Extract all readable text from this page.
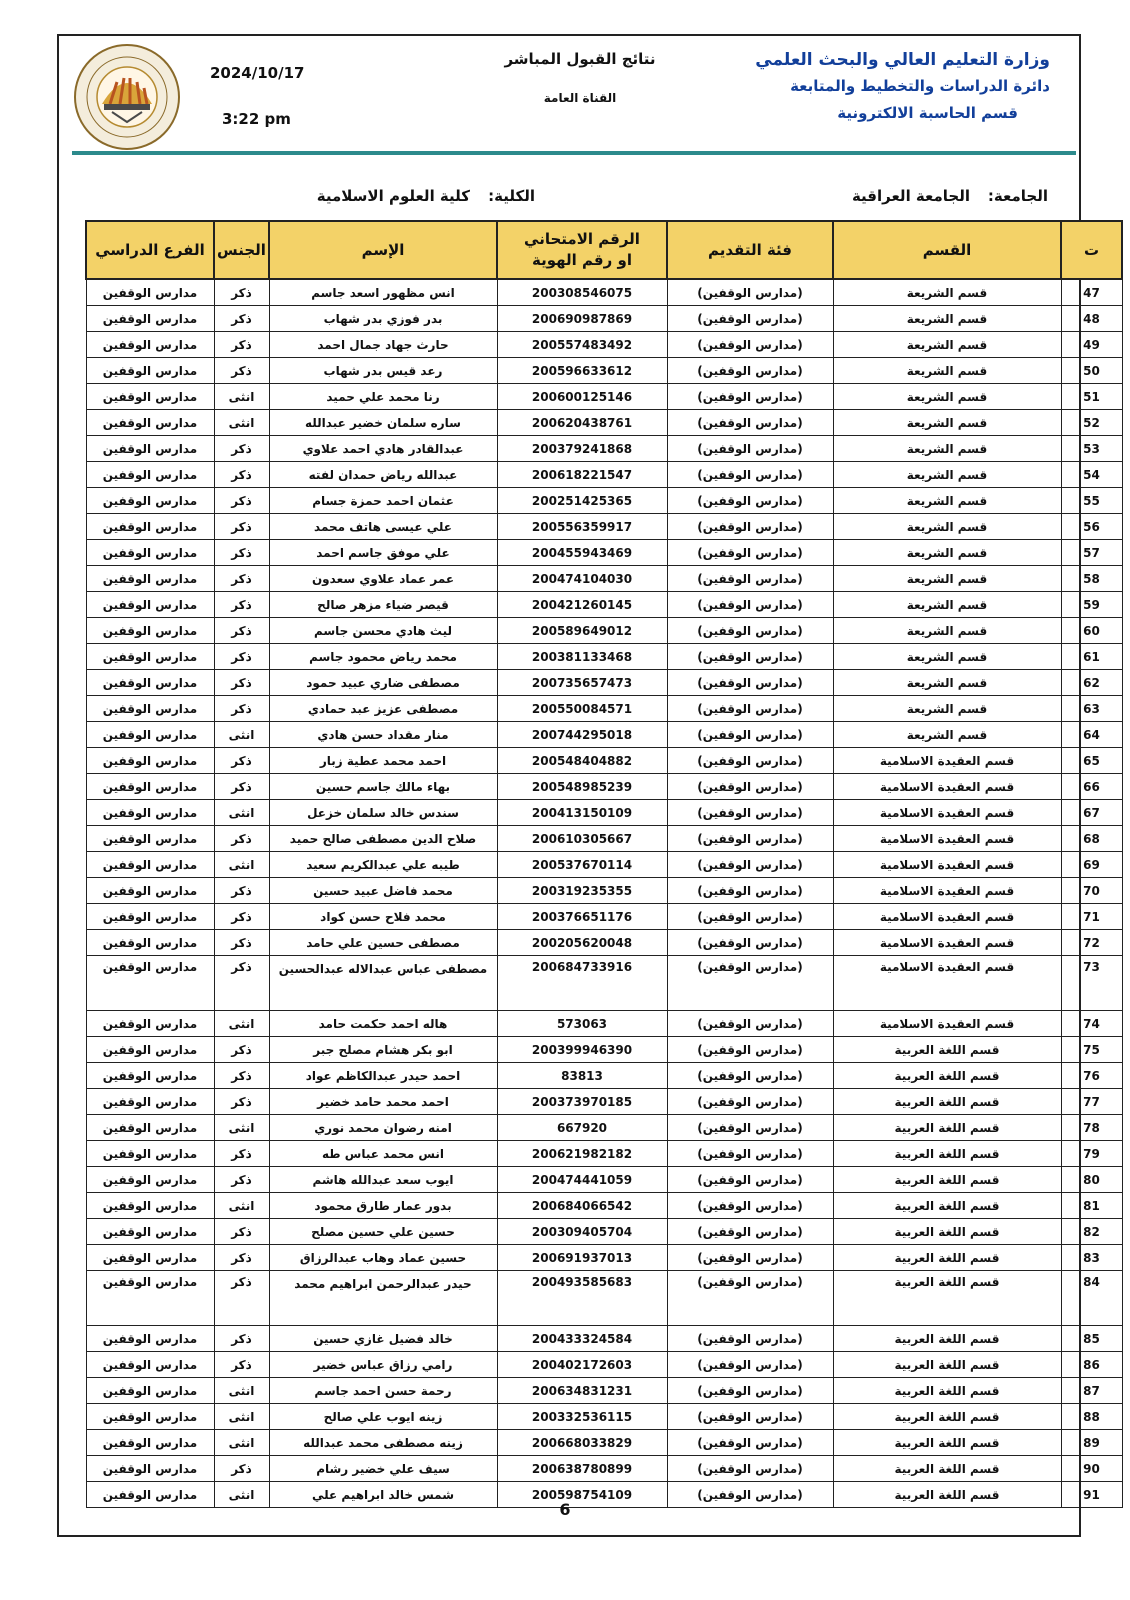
وزارة التعليم العالي والبحث العلمي
دائرة الدراسات والتخطيط والمتابعة
قسم الحاسبة الالكترونية
نتائج القبول المباشر
القناة العامة
2024/10/17
3:22 pm
الجامعة:
الجامعة العراقية
الكلية:
كلية العلوم الاسلامية
ت	القسم	فئة التقديم	الرقم الامتحاني
او رقم الهوية	الإسم	الجنس	الفرع الدراسي
47	قسم الشريعة	(مدارس الوقفين)	200308546075	انس مظهور اسعد جاسم	ذكر	مدارس الوقفين
48	قسم الشريعة	(مدارس الوقفين)	200690987869	بدر فوزي بدر شهاب	ذكر	مدارس الوقفين
49	قسم الشريعة	(مدارس الوقفين)	200557483492	حارث جهاد جمال احمد	ذكر	مدارس الوقفين
50	قسم الشريعة	(مدارس الوقفين)	200596633612	رعد قيس بدر شهاب	ذكر	مدارس الوقفين
51	قسم الشريعة	(مدارس الوقفين)	200600125146	رنا محمد علي حميد	انثى	مدارس الوقفين
52	قسم الشريعة	(مدارس الوقفين)	200620438761	ساره سلمان خضير عبدالله	انثى	مدارس الوقفين
53	قسم الشريعة	(مدارس الوقفين)	200379241868	عبدالقادر هادي احمد علاوي	ذكر	مدارس الوقفين
54	قسم الشريعة	(مدارس الوقفين)	200618221547	عبدالله رياض حمدان لفته	ذكر	مدارس الوقفين
55	قسم الشريعة	(مدارس الوقفين)	200251425365	عثمان احمد حمزة جسام	ذكر	مدارس الوقفين
56	قسم الشريعة	(مدارس الوقفين)	200556359917	علي عيسى هاتف محمد	ذكر	مدارس الوقفين
57	قسم الشريعة	(مدارس الوقفين)	200455943469	علي موفق جاسم احمد	ذكر	مدارس الوقفين
58	قسم الشريعة	(مدارس الوقفين)	200474104030	عمر عماد علاوي سعدون	ذكر	مدارس الوقفين
59	قسم الشريعة	(مدارس الوقفين)	200421260145	قيصر ضياء مزهر صالح	ذكر	مدارس الوقفين
60	قسم الشريعة	(مدارس الوقفين)	200589649012	ليث هادي محسن جاسم	ذكر	مدارس الوقفين
61	قسم الشريعة	(مدارس الوقفين)	200381133468	محمد رياض محمود جاسم	ذكر	مدارس الوقفين
62	قسم الشريعة	(مدارس الوقفين)	200735657473	مصطفى ضاري عبيد حمود	ذكر	مدارس الوقفين
63	قسم الشريعة	(مدارس الوقفين)	200550084571	مصطفى عزيز عبد حمادي	ذكر	مدارس الوقفين
64	قسم الشريعة	(مدارس الوقفين)	200744295018	منار مقداد حسن هادي	انثى	مدارس الوقفين
65	قسم العقيدة الاسلامية	(مدارس الوقفين)	200548404882	احمد محمد عطية زبار	ذكر	مدارس الوقفين
66	قسم العقيدة الاسلامية	(مدارس الوقفين)	200548985239	بهاء مالك جاسم حسين	ذكر	مدارس الوقفين
67	قسم العقيدة الاسلامية	(مدارس الوقفين)	200413150109	سندس خالد سلمان خزعل	انثى	مدارس الوقفين
68	قسم العقيدة الاسلامية	(مدارس الوقفين)	200610305667	صلاح الدين مصطفى صالح حميد	ذكر	مدارس الوقفين
69	قسم العقيدة الاسلامية	(مدارس الوقفين)	200537670114	طيبه علي عبدالكريم سعيد	انثى	مدارس الوقفين
70	قسم العقيدة الاسلامية	(مدارس الوقفين)	200319235355	محمد فاضل عبيد حسين	ذكر	مدارس الوقفين
71	قسم العقيدة الاسلامية	(مدارس الوقفين)	200376651176	محمد فلاح حسن كواد	ذكر	مدارس الوقفين
72	قسم العقيدة الاسلامية	(مدارس الوقفين)	200205620048	مصطفى حسين علي حامد	ذكر	مدارس الوقفين
73	قسم العقيدة الاسلامية	(مدارس الوقفين)	200684733916	مصطفى عباس عبدالاله عبدالحسين	ذكر	مدارس الوقفين
74	قسم العقيدة الاسلامية	(مدارس الوقفين)	573063	هاله احمد حكمت حامد	انثى	مدارس الوقفين
75	قسم اللغة العربية	(مدارس الوقفين)	200399946390	ابو بكر هشام مصلح جبر	ذكر	مدارس الوقفين
76	قسم اللغة العربية	(مدارس الوقفين)	83813	احمد حيدر عبدالكاظم عواد	ذكر	مدارس الوقفين
77	قسم اللغة العربية	(مدارس الوقفين)	200373970185	احمد محمد حامد خضير	ذكر	مدارس الوقفين
78	قسم اللغة العربية	(مدارس الوقفين)	667920	امنه رضوان محمد نوري	انثى	مدارس الوقفين
79	قسم اللغة العربية	(مدارس الوقفين)	200621982182	انس محمد عباس طه	ذكر	مدارس الوقفين
80	قسم اللغة العربية	(مدارس الوقفين)	200474441059	ايوب سعد عبدالله هاشم	ذكر	مدارس الوقفين
81	قسم اللغة العربية	(مدارس الوقفين)	200684066542	بدور عمار طارق محمود	انثى	مدارس الوقفين
82	قسم اللغة العربية	(مدارس الوقفين)	200309405704	حسين علي حسين مصلح	ذكر	مدارس الوقفين
83	قسم اللغة العربية	(مدارس الوقفين)	200691937013	حسين عماد وهاب عبدالرزاق	ذكر	مدارس الوقفين
84	قسم اللغة العربية	(مدارس الوقفين)	200493585683	حيدر عبدالرحمن ابراهيم محمد	ذكر	مدارس الوقفين
85	قسم اللغة العربية	(مدارس الوقفين)	200433324584	خالد فضيل غازي حسين	ذكر	مدارس الوقفين
86	قسم اللغة العربية	(مدارس الوقفين)	200402172603	رامي رزاق عباس خضير	ذكر	مدارس الوقفين
87	قسم اللغة العربية	(مدارس الوقفين)	200634831231	رحمة حسن احمد جاسم	انثى	مدارس الوقفين
88	قسم اللغة العربية	(مدارس الوقفين)	200332536115	زينه ايوب علي صالح	انثى	مدارس الوقفين
89	قسم اللغة العربية	(مدارس الوقفين)	200668033829	زينه مصطفى محمد عبدالله	انثى	مدارس الوقفين
90	قسم اللغة العربية	(مدارس الوقفين)	200638780899	سيف علي خضير رشام	ذكر	مدارس الوقفين
91	قسم اللغة العربية	(مدارس الوقفين)	200598754109	شمس خالد ابراهيم علي	انثى	مدارس الوقفين
6
